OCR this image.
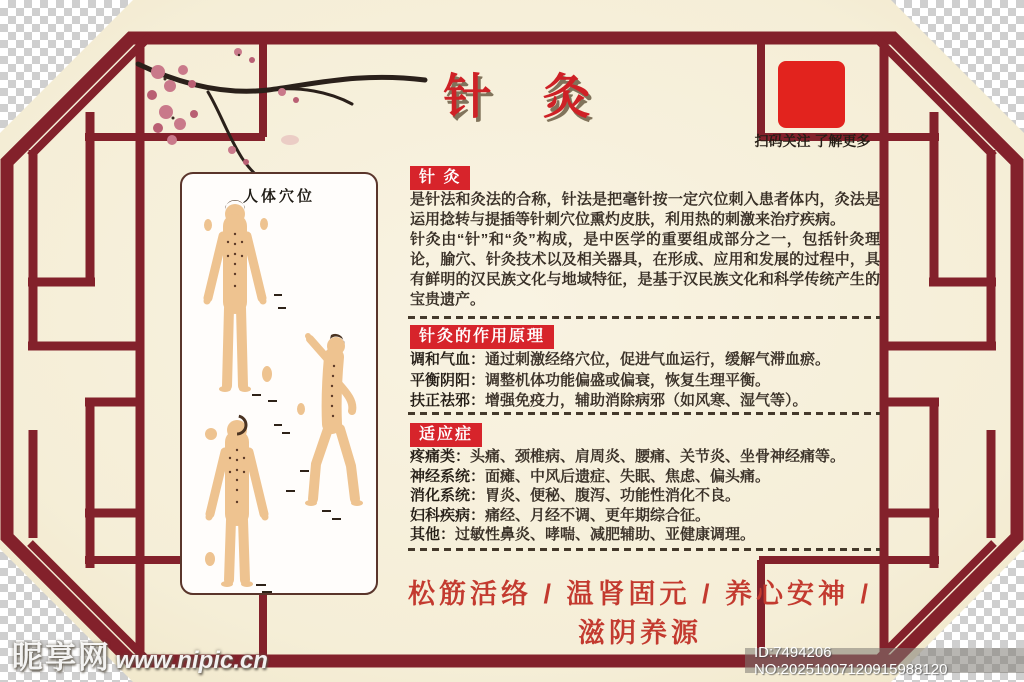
针 灸
扫码关注 了解更多
人体穴位
针 灸

是针法和灸法的合称，针法是把毫针按一定穴位刺入患者体内，灸法是运用捻转与提插等针刺穴位熏灼皮肤，利用热的刺激来治疗疾病。

针灸由“针”和“灸”构成，是中医学的重要组成部分之一，包括针灸理论，腧穴、针灸技术以及相关器具，在形成、应用和发展的过程中，具有鲜明的汉民族文化与地域特征，是基于汉民族文化和科学传统产生的宝贵遗产。

针灸的作用原理
调和气血：通过刺激经络穴位，促进气血运行，缓解气滞血瘀。
平衡阴阳：调整机体功能偏盛或偏衰，恢复生理平衡。
扶正祛邪：增强免疫力，辅助消除病邪（如风寒、湿气等）。
适应症
疼痛类：头痛、颈椎病、肩周炎、腰痛、关节炎、坐骨神经痛等。
神经系统：面瘫、中风后遗症、失眠、焦虑、偏头痛。
消化系统：胃炎、便秘、腹泻、功能性消化不良。
妇科疾病：痛经、月经不调、更年期综合征。
其他：过敏性鼻炎、哮喘、减肥辅助、亚健康调理。
松筋活络 / 温肾固元 / 养心安神 / 滋阴养源
昵享网 www.nipic.cn	ID:7494206 NO:20251007120915988120
